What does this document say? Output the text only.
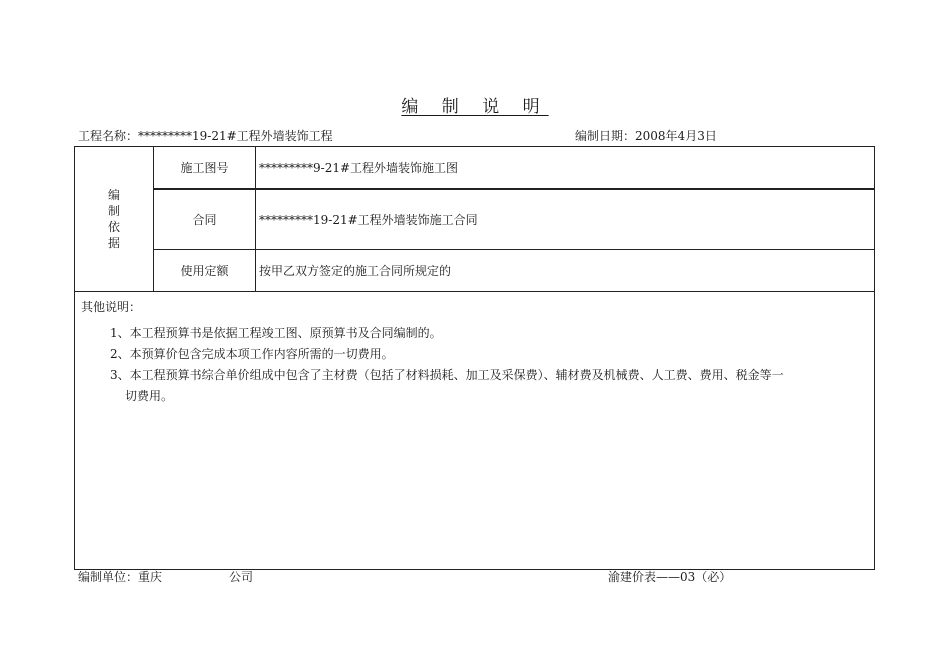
编 制 说 明
工程名称：*********19-21#工程外墙装饰工程	编制日期：2008年4月3日
编
制
依
据	施工图号	*********9-21#工程外墙装饰施工图
	合同	*********19-21#工程外墙装饰施工合同
	使用定额	按甲乙双方签定的施工合同所规定的

其他说明：
1、本工程预算书是依据工程竣工图、原预算书及合同编制的。
2、本预算价包含完成本项工作内容所需的一切费用。
3、本工程预算书综合单价组成中包含了主材费（包括了材料损耗、加工及采保费）、辅材费及机械费、人工费、费用、税金等一
切费用。		
编制单位：重庆	公司	渝建价表——03（必）
